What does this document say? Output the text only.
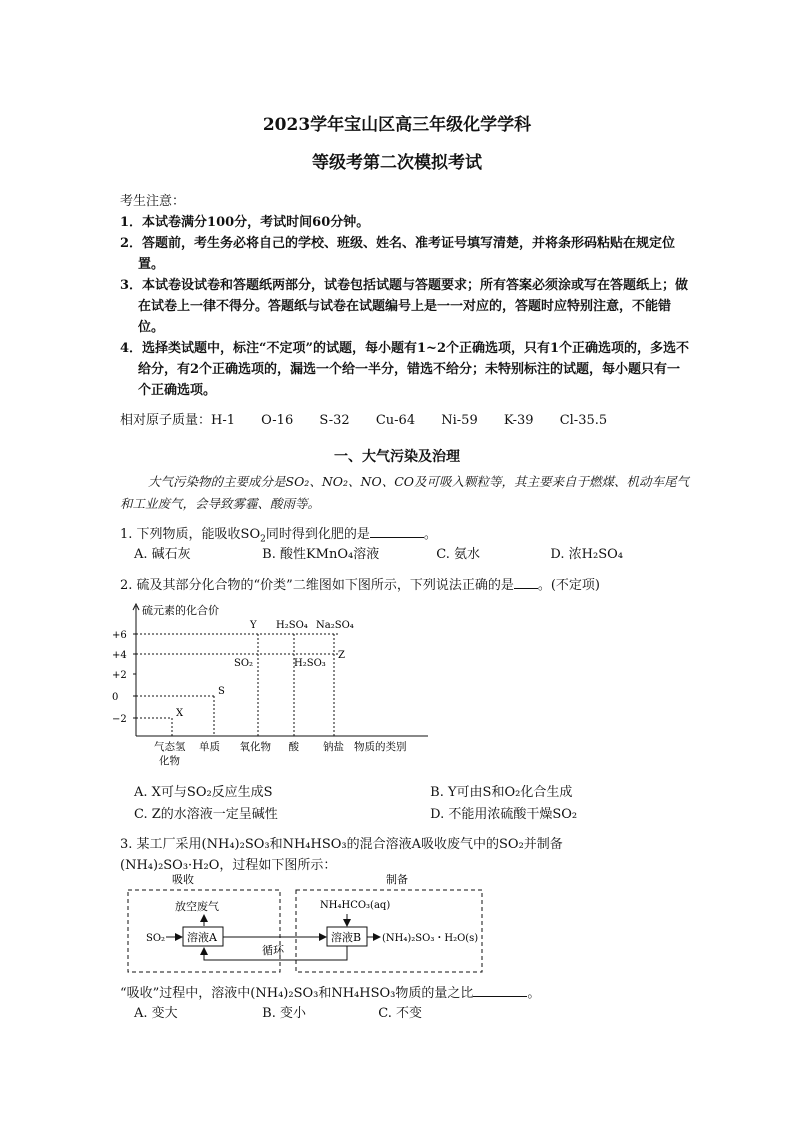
2023学年宝山区高三年级化学学科
等级考第二次模拟考试
考生注意：
1．本试卷满分100分，考试时间60分钟。
2．答题前，考生务必将自己的学校、班级、姓名、准考证号填写清楚，并将条形码粘贴在规定位置。
3．本试卷设试卷和答题纸两部分，试卷包括试题与答题要求；所有答案必须涂或写在答题纸上；做在试卷上一律不得分。答题纸与试卷在试题编号上是一一对应的，答题时应特别注意，不能错位。
4．选择类试题中，标注“不定项”的试题，每小题有1~2个正确选项，只有1个正确选项的，多选不给分，有2个正确选项的，漏选一个给一半分，错选不给分；未特别标注的试题，每小题只有一个正确选项。
相对原子质量：H-1 O-16 S-32 Cu-64 Ni-59 K-39 Cl-35.5
一、大气污染及治理
大气污染物的主要成分是SO₂、NO₂、NO、CO及可吸入颗粒等，其主要来自于燃煤、机动车尾气和工业废气，会导致雾霾、酸雨等。
1. 下列物质，能吸收$SO_2$同时得到化肥的是	。
A. 碱石灰	B. 酸性KMnO₄溶液	C. 氨水	D. 浓H₂SO₄
2. 硫及其部分化合物的“价类”二维图如下图所示，下列说法正确的是 。(不定项)
硫元素的化合价
+6
+4
+2
0
−2
气态氢
化物
单质 氧化物 酸 钠盐 物质的类别
X
S
SO₂
Y
H₂SO₃
H₂SO₄ Na₂SO₄
Z
A. X可与SO₂反应生成S	B. Y可由S和O₂化合生成
C. Z的水溶液一定呈碱性	D. 不能用浓硫酸干燥SO₂
3. 某工厂采用(NH₄)₂SO₃和NH₄HSO₃的混合溶液A吸收废气中的SO₂并制备
(NH₄)₂SO₃·H₂O，过程如下图所示：
吸收	制备
放空废气
SO₂ 溶液A
NH₄HCO₃(aq)
溶液B (NH₄)₂SO₃・H₂O(s)
循环
“吸收”过程中，溶液中(NH₄)₂SO₃和NH₄HSO₃物质的量之比	。
A. 变大	B. 变小	C. 不变
